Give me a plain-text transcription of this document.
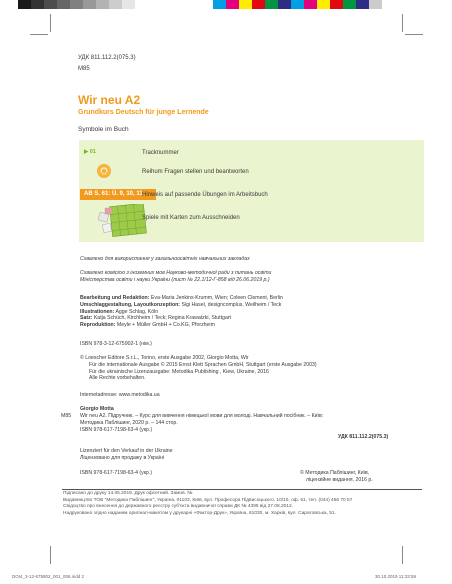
УДК 811.112.2(075.3)
М85
Wir neu A2
Grundkurs Deutsch für junge Lernende
Symbole im Buch
▶ 01	Tracknummer
Reihum Fragen stellen und beantworten
AB S. 61: Ü. 9, 10, 11 Hinweis auf passende Übungen im Arbeitsbuch
Spiele mit Karten zum Ausschneiden
Схвалено для використання у загальноосвітніх навчальних закладах
Схвалено комісією з іноземних мов Науково-методичної ради з питань освіти
Міністерства освіти і науки України (лист № 22.1/12-Г-858 від 26.06.2019 р.)
Bearbeitung und Redaktion: Eva-Maria Jenkins-Krumm, Wien; Coleen Clement, Berlin
Umschlaggestaltung, Layoutkonzeption: Sigi Hasel, designcomplus, Weilheim / Teck
Illustrationen: Agge Schlag, Köln
Satz: Katja Schüch, Kirchheim / Teck; Regina Krawatzki, Stuttgart
Reproduktion: Meyle + Müller GmbH + Co.KG, Pforzheim
ISBN 978-3-12-675902-1 (нім.)
© Loescher Editore S.r.L., Torino, erste Ausgabe 2002, Giorgio Motta, Wir
Für die internationale Ausgabe © 2015 Ernst Klett Sprachen GmbH, Stuttgart (erste Ausgabe 2003)
Für die ukrainische Lizenzausgabe: Metodika Publishing , Kiew, Ukraine, 2016
Alle Rechte vorbehalten.
Internetadresse: www.metodika.ua
Giorgio Motta
М85 Wir neu A2. Підручник. – Курс для вивчення німецької мови для молоді. Навчальний посібник. – Київ:
Методика Паблішинг, 2020 р. – 144 стор.
ISBN 978-617-7198-63-4 (укр.)
УДК 811.112.2(075.3)
Lizenziert für den Verkauf in der Ukraine
Ліцензовано для продажу в Україні
ISBN 978-617-7198-63-4 (укр.)	© Методика Паблішинг, Київ,
ліцензійне видання, 2016 р.
Підписано до друку 14.05.2019. Друк офсетний. Замов. №
Видавництво ТОВ "Методика Паблішинг", Україна, 01103, Київ, вул. Професора Підвисоцького, 10/10, оф. 61, тел. (044) 456 70 57
Свідоцтво про внесення до державного реєстру суб'єкта видавничої справи ДК № 4395 від 27.08.2012.
Надруковано згідно наданим оригінал-макетом у друкарні «Фактор-Друк», Україна, 61030, м. Харків, вул. Саратовська, 51.
DOI4_3-12-675902_001_006.indd 2	30.10.2019 11:33:59
